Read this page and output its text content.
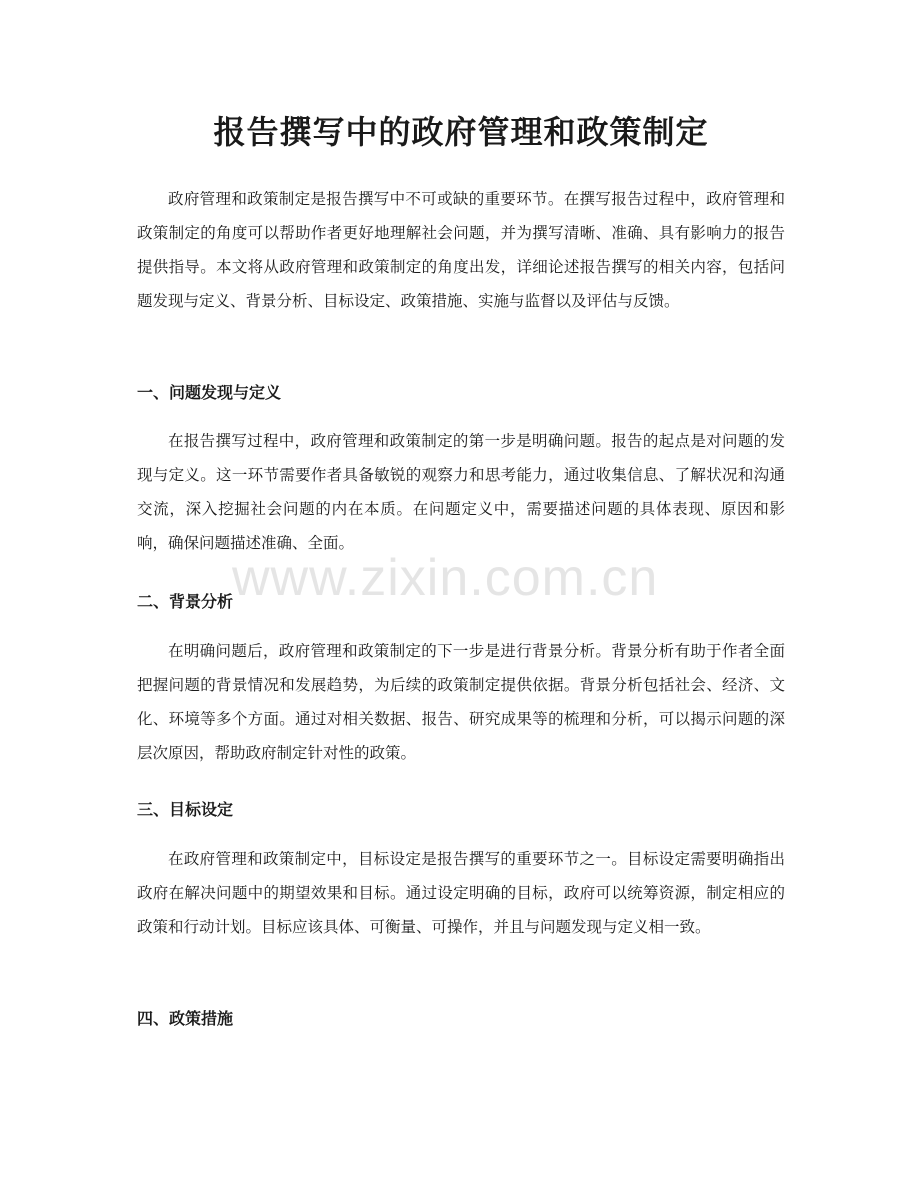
报告撰写中的政府管理和政策制定

政府管理和政策制定是报告撰写中不可或缺的重要环节。在撰写报告过程中，政府管理和政策制定的角度可以帮助作者更好地理解社会问题，并为撰写清晰、准确、具有影响力的报告提供指导。本文将从政府管理和政策制定的角度出发，详细论述报告撰写的相关内容，包括问题发现与定义、背景分析、目标设定、政策措施、实施与监督以及评估与反馈。

一、问题发现与定义

在报告撰写过程中，政府管理和政策制定的第一步是明确问题。报告的起点是对问题的发现与定义。这一环节需要作者具备敏锐的观察力和思考能力，通过收集信息、了解状况和沟通交流，深入挖掘社会问题的内在本质。在问题定义中，需要描述问题的具体表现、原因和影响，确保问题描述准确、全面。

二、背景分析

在明确问题后，政府管理和政策制定的下一步是进行背景分析。背景分析有助于作者全面把握问题的背景情况和发展趋势，为后续的政策制定提供依据。背景分析包括社会、经济、文化、环境等多个方面。通过对相关数据、报告、研究成果等的梳理和分析，可以揭示问题的深层次原因，帮助政府制定针对性的政策。

三、目标设定

在政府管理和政策制定中，目标设定是报告撰写的重要环节之一。目标设定需要明确指出政府在解决问题中的期望效果和目标。通过设定明确的目标，政府可以统筹资源，制定相应的政策和行动计划。目标应该具体、可衡量、可操作，并且与问题发现与定义相一致。

四、政策措施
www.zixin.com.cn
